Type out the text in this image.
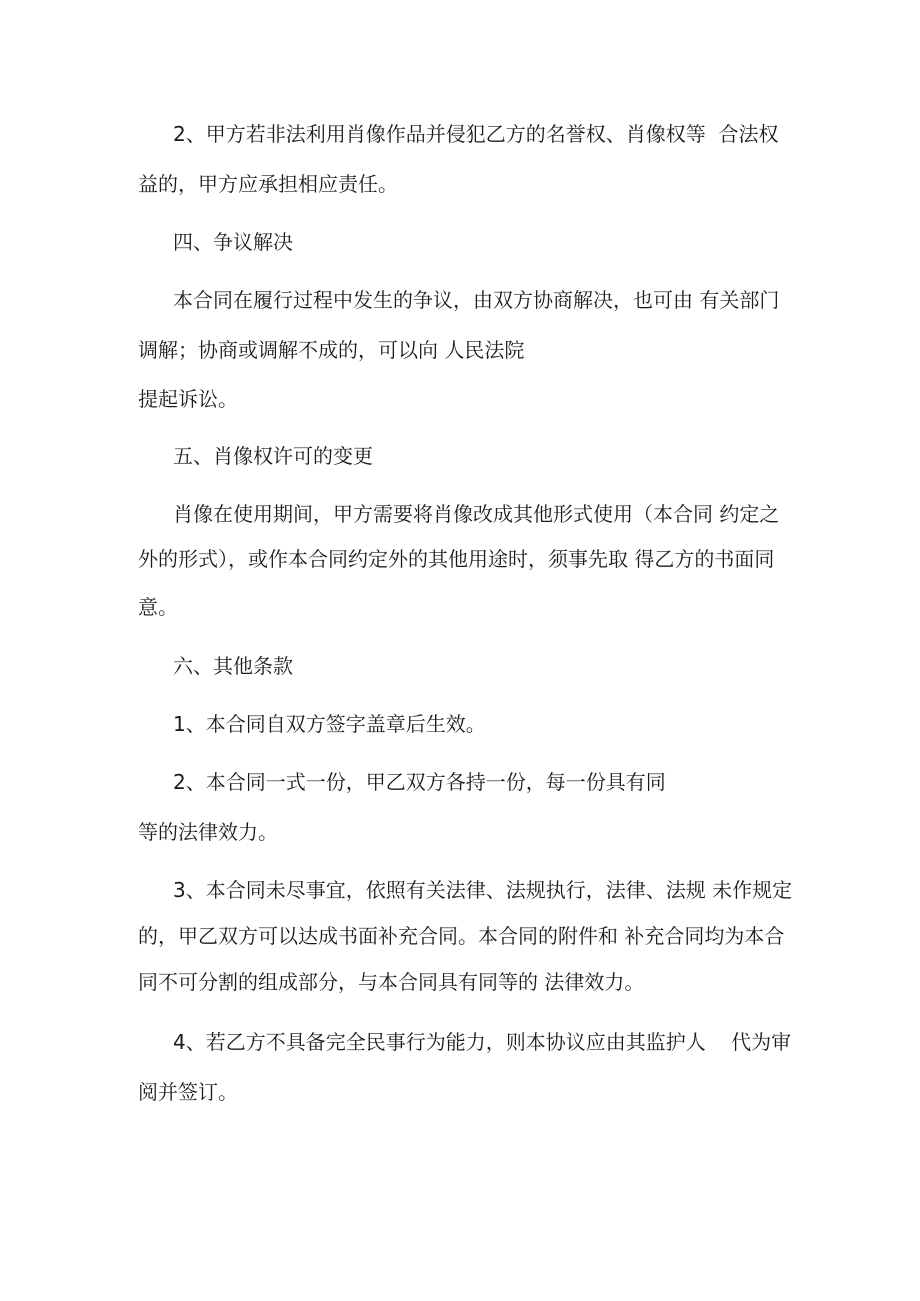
2、甲方若非法利用肖像作品并侵犯乙方的名誉权、肖像权等  合法权

益的，甲方应承担相应责任。

四、争议解决

本合同在履行过程中发生的争议，由双方协商解决，也可由 有关部门

调解；协商或调解不成的，可以向 人民法院

提起诉讼。

五、肖像权许可的变更

肖像在使用期间，甲方需要将肖像改成其他形式使用（本合同 约定之

外的形式），或作本合同约定外的其他用途时，须事先取 得乙方的书面同

意。

六、其他条款

1、本合同自双方签字盖章后生效。

2、本合同一式一份，甲乙双方各持一份，每一份具有同

等的法律效力。

3、本合同未尽事宜，依照有关法律、法规执行，法律、法规 未作规定

的，甲乙双方可以达成书面补充合同。本合同的附件和 补充合同均为本合

同不可分割的组成部分，与本合同具有同等的 法律效力。

4、若乙方不具备完全民事行为能力，则本协议应由其监护人    代为审

阅并签订。
